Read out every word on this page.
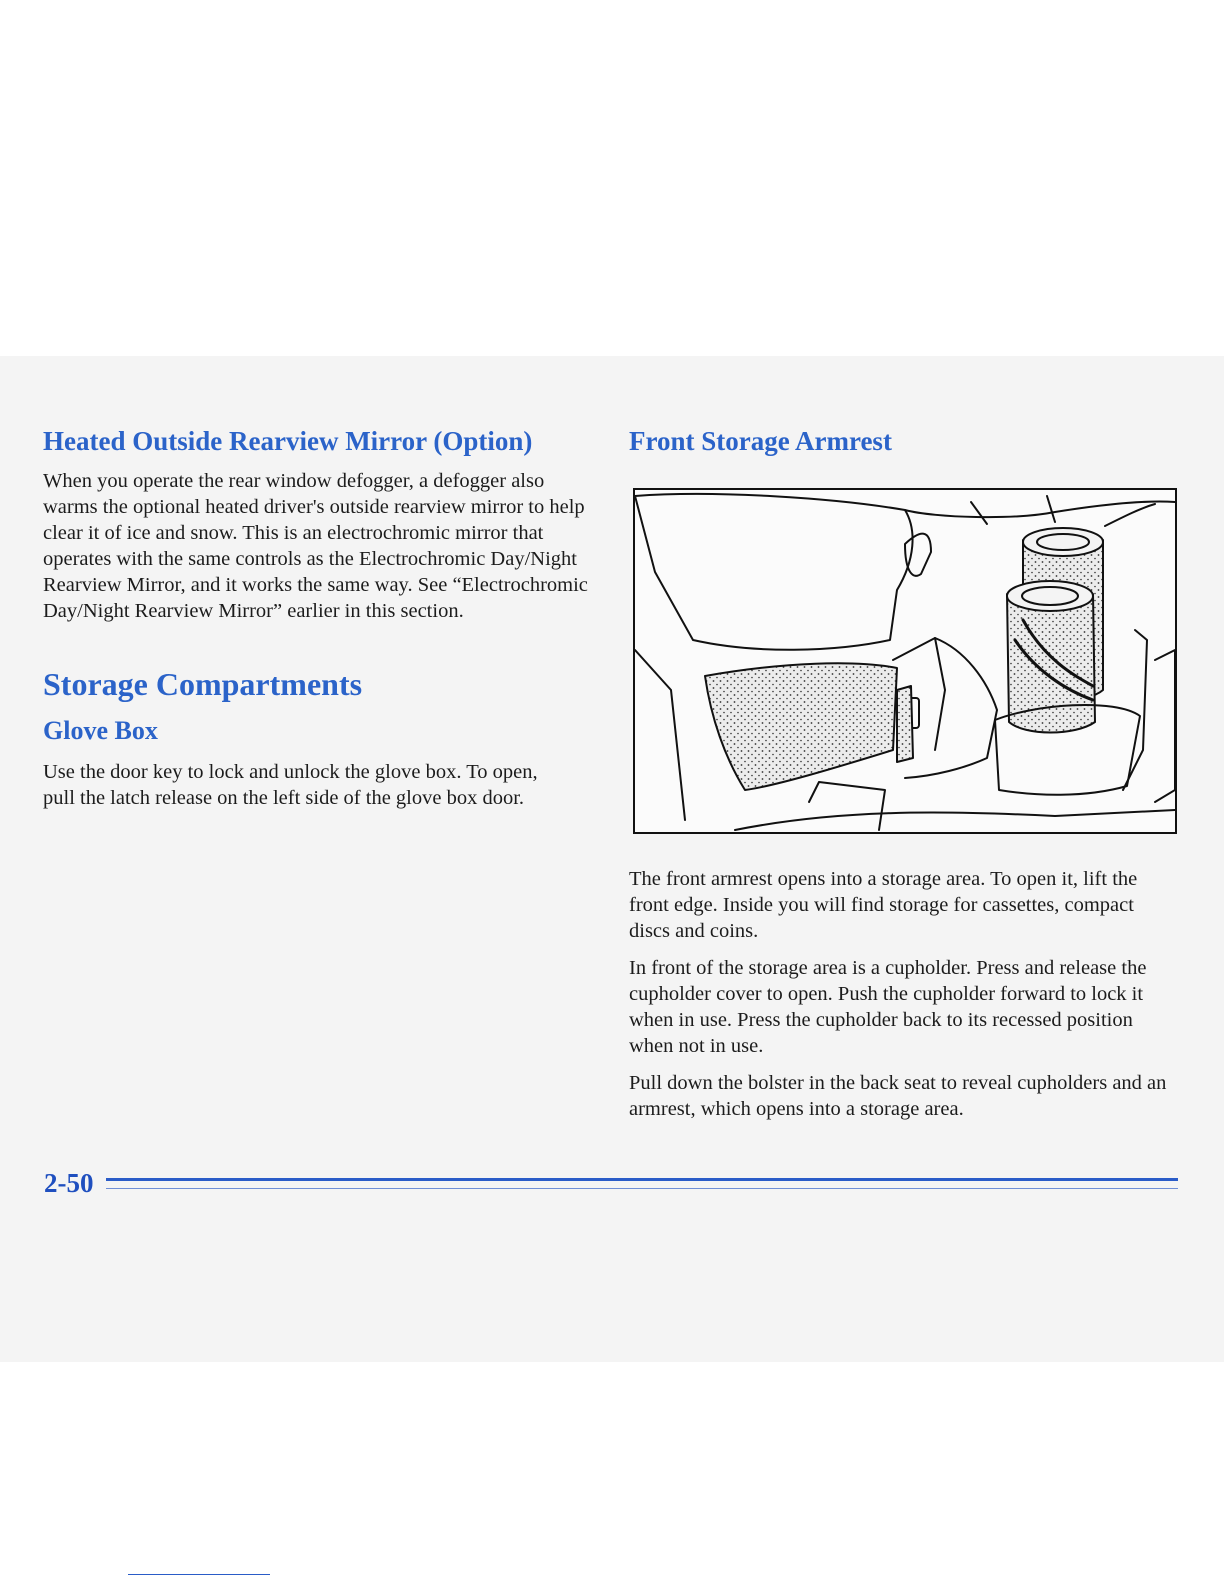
Heated Outside Rearview Mirror (Option)

When you operate the rear window defogger, a defogger also warms the optional heated driver's outside rearview mirror to help clear it of ice and snow. This is an electrochromic mirror that operates with the same controls as the Electrochromic Day/Night Rearview Mirror, and it works the same way. See “Electrochromic Day/Night Rearview Mirror” earlier in this section.

Storage Compartments
Glove Box

Use the door key to lock and unlock the glove box. To open, pull the latch release on the left side of the glove box door.

Front Storage Armrest

The front armrest opens into a storage area. To open it, lift the front edge. Inside you will find storage for cassettes, compact discs and coins.

In front of the storage area is a cupholder. Press and release the cupholder cover to open. Push the cupholder forward to lock it when in use. Press the cupholder back to its recessed position when not in use.

Pull down the bolster in the back seat to reveal cupholders and an armrest, which opens into a storage area.

2-50
